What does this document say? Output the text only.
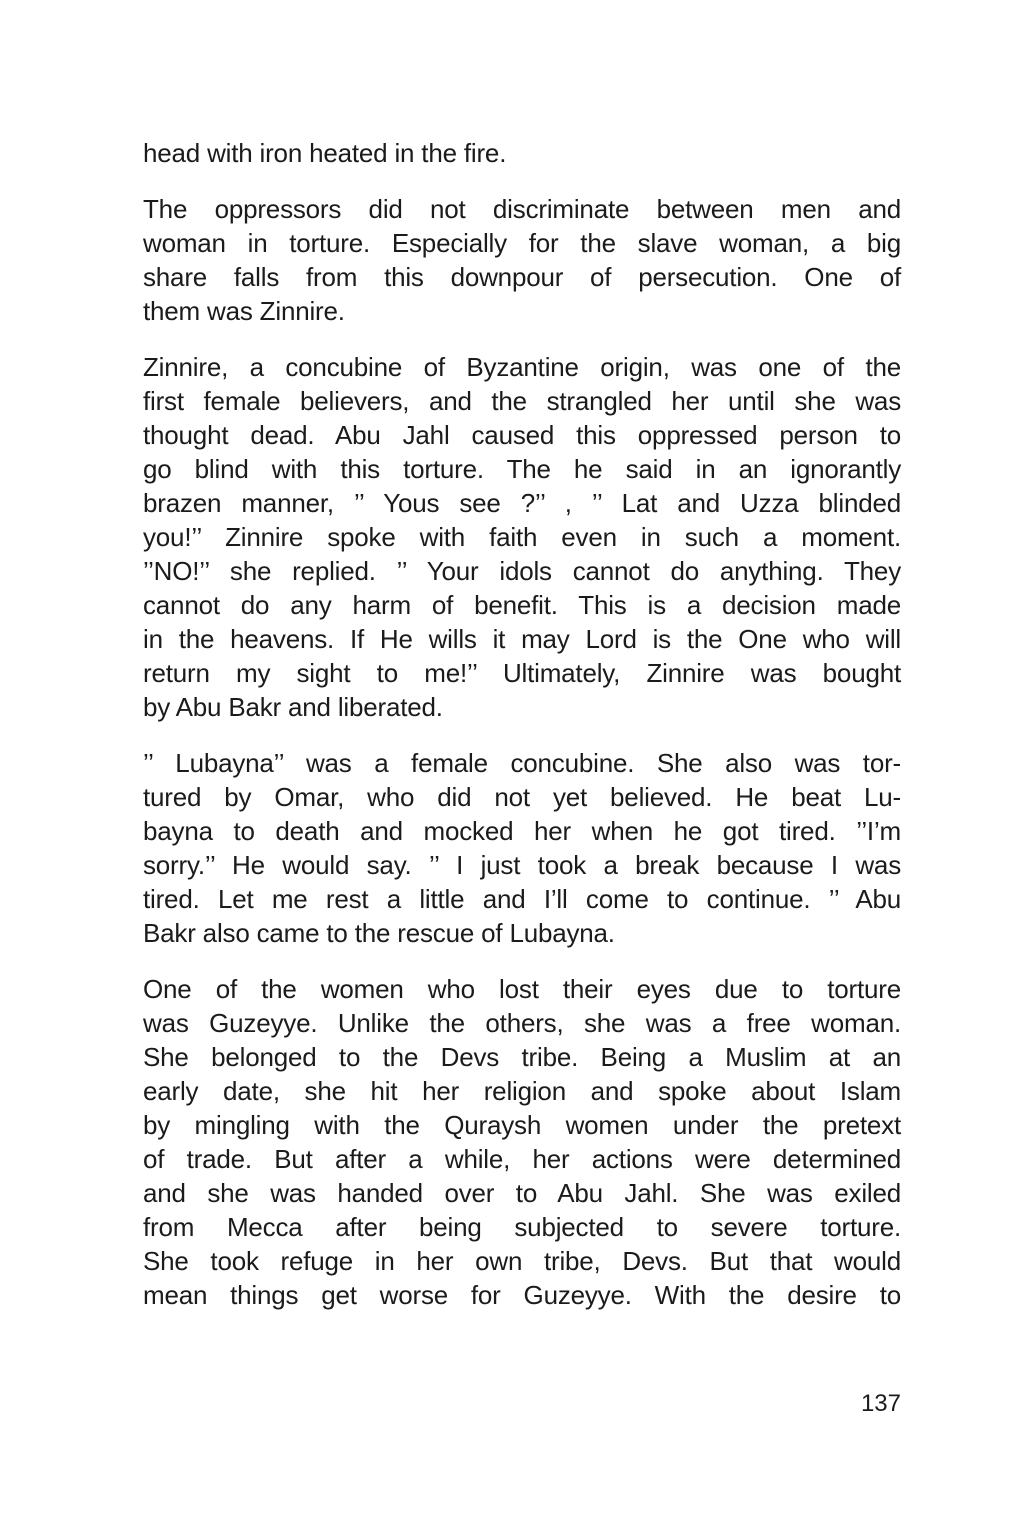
head with iron heated in the fire.
The oppressors did not discriminate between men and
woman in torture. Especially for the slave woman, a big
share falls from this downpour of persecution. One of
them was Zinnire.
Zinnire, a concubine of Byzantine origin, was one of the
first female believers, and the strangled her until she was
thought dead. Abu Jahl caused this oppressed person to
go blind with this torture. The he said in an ignorantly
brazen manner, ’’ Yous see ?’’ , ’’ Lat and Uzza blinded
you!’’ Zinnire spoke with faith even in such a moment.
’’NO!’’ she replied. ’’ Your idols cannot do anything. They
cannot do any harm of benefit. This is a decision made
in the heavens. If He wills it may Lord is the One who will
return my sight to me!’’ Ultimately, Zinnire was bought
by Abu Bakr and liberated.
’’ Lubayna’’ was a female concubine. She also was tor-
tured by Omar, who did not yet believed. He beat Lu-
bayna to death and mocked her when he got tired. ’’I’m
sorry.’’ He would say. ’’ I just took a break because I was
tired. Let me rest a little and I’ll come to continue. ’’ Abu
Bakr also came to the rescue of Lubayna.
One of the women who lost their eyes due to torture
was Guzeyye. Unlike the others, she was a free woman.
She belonged to the Devs tribe. Being a Muslim at an
early date, she hit her religion and spoke about Islam
by mingling with the Quraysh women under the pretext
of trade. But after a while, her actions were determined
and she was handed over to Abu Jahl. She was exiled
from Mecca after being subjected to severe torture.
She took refuge in her own tribe, Devs. But that would
mean things get worse for Guzeyye. With the desire to
137
